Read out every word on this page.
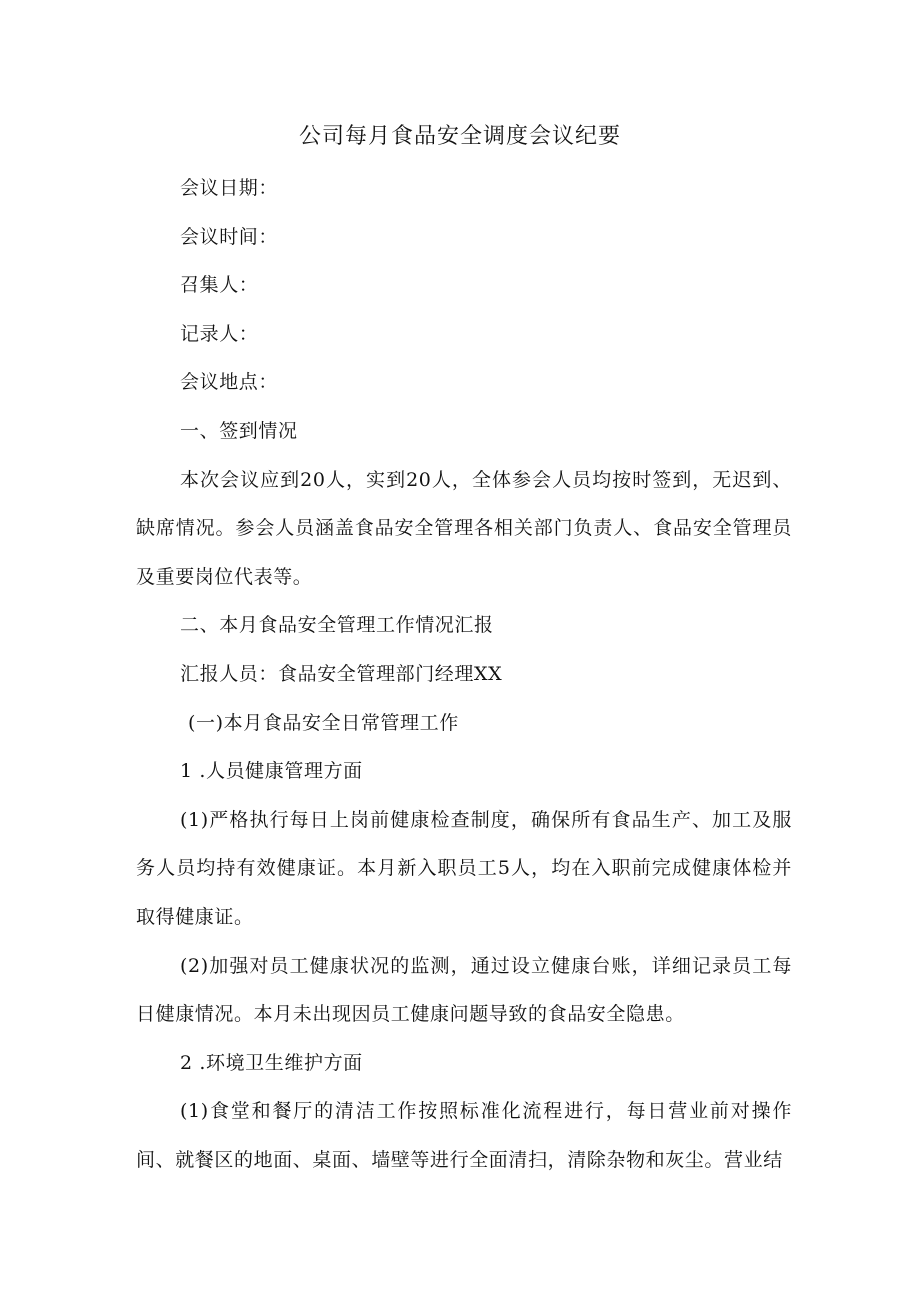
公司每月食品安全调度会议纪要

会议日期：

会议时间：

召集人：

记录人：

会议地点：

一、签到情况

本次会议应到20人，实到20人，全体参会人员均按时签到，无迟到、缺席情况。参会人员涵盖食品安全管理各相关部门负责人、食品安全管理员及重要岗位代表等。

二、本月食品安全管理工作情况汇报

汇报人员：食品安全管理部门经理XX

(一)本月食品安全日常管理工作

1 .人员健康管理方面

(1)严格执行每日上岗前健康检查制度，确保所有食品生产、加工及服务人员均持有效健康证。本月新入职员工5人，均在入职前完成健康体检并取得健康证。

(2)加强对员工健康状况的监测，通过设立健康台账，详细记录员工每日健康情况。本月未出现因员工健康问题导致的食品安全隐患。

2 .环境卫生维护方面

(1)食堂和餐厅的清洁工作按照标准化流程进行，每日营业前对操作间、就餐区的地面、桌面、墙壁等进行全面清扫，清除杂物和灰尘。营业结
